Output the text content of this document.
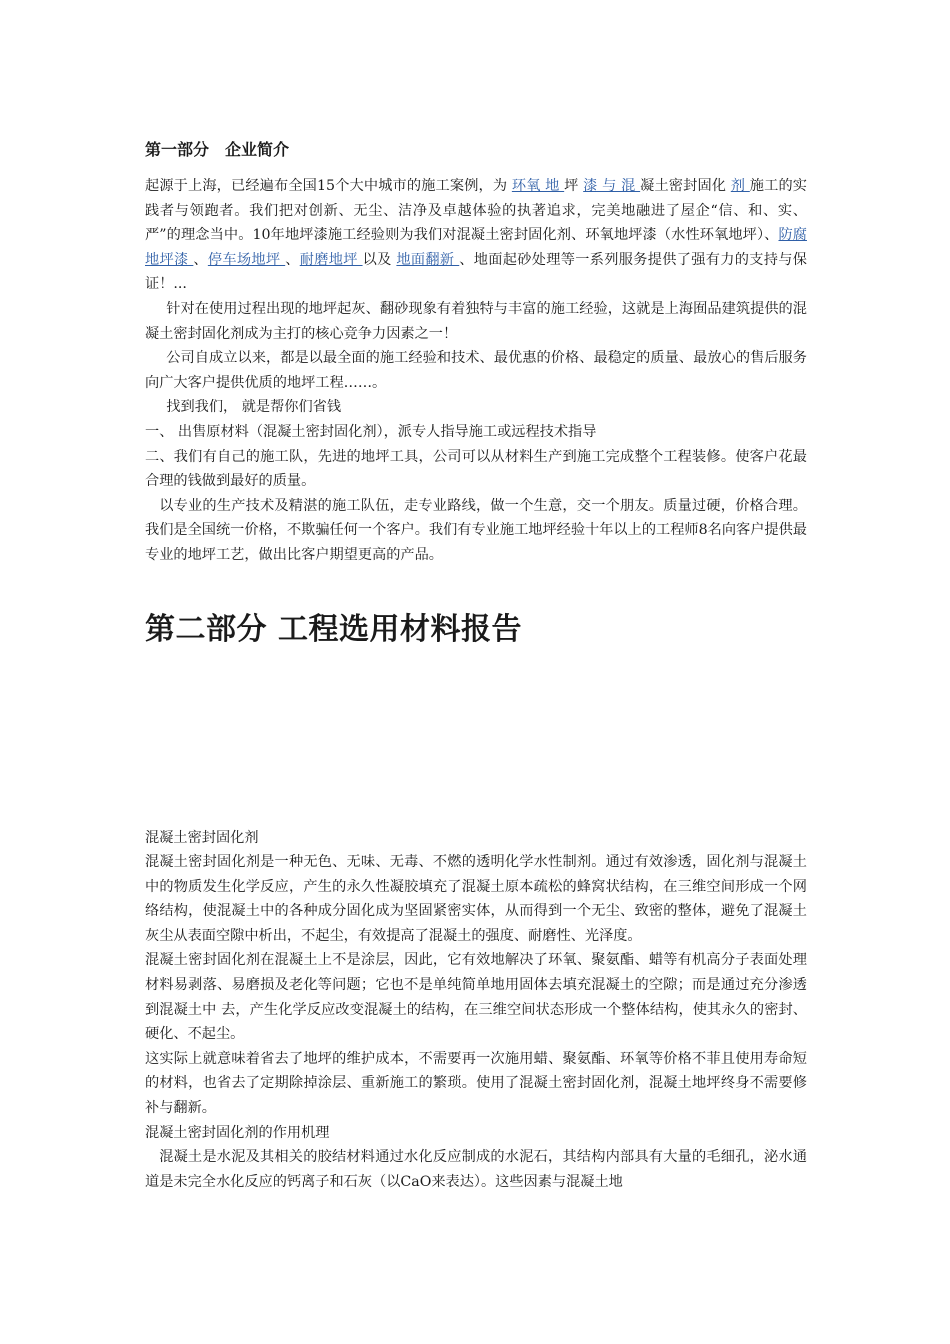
第一部分　企业简介

起源于上海，已经遍布全国15个大中城市的施工案例，为 环氧 地 坪 漆 与 混 凝土密封固化 剂 施工的实践者与领跑者。我们把对创新、无尘、洁净及卓越体验的执著追求，完美地融进了屋企“信、和、实、严”的理念当中。10年地坪漆施工经验则为我们对混凝土密封固化剂、环氧地坪漆（水性环氧地坪）、防腐地坪漆 、停车场地坪 、耐磨地坪 以及 地面翻新 、地面起砂处理等一系列服务提供了强有力的支持与保证！...

针对在使用过程出现的地坪起灰、翻砂现象有着独特与丰富的施工经验，这就是上海囿品建筑提供的混凝土密封固化剂成为主打的核心竞争力因素之一！

公司自成立以来，都是以最全面的施工经验和技术、最优惠的价格、最稳定的质量、最放心的售后服务向广大客户提供优质的地坪工程……。

找到我们， 就是帮你们省钱

一、 出售原材料（混凝土密封固化剂），派专人指导施工或远程技术指导

二、我们有自己的施工队，先进的地坪工具，公司可以从材料生产到施工完成整个工程装修。使客户花最合理的钱做到最好的质量。

以专业的生产技术及精湛的施工队伍，走专业路线，做一个生意，交一个朋友。质量过硬，价格合理。我们是全国统一价格，不欺骗任何一个客户。我们有专业施工地坪经验十年以上的工程师8名向客户提供最专业的地坪工艺，做出比客户期望更高的产品。

第二部分 工程选用材料报告

混凝土密封固化剂

混凝土密封固化剂是一种无色、无味、无毒、不燃的透明化学水性制剂。通过有效渗透，固化剂与混凝土中的物质发生化学反应，产生的永久性凝胶填充了混凝土原本疏松的蜂窝状结构，在三维空间形成一个网络结构，使混凝土中的各种成分固化成为坚固紧密实体，从而得到一个无尘、致密的整体，避免了混凝土灰尘从表面空隙中析出，不起尘，有效提高了混凝土的强度、耐磨性、光泽度。

混凝土密封固化剂在混凝土上不是涂层，因此，它有效地解决了环氧、聚氨酯、蜡等有机高分子表面处理材料易剥落、易磨损及老化等问题；它也不是单纯简单地用固体去填充混凝土的空隙；而是通过充分渗透到混凝土中 去，产生化学反应改变混凝土的结构，在三维空间状态形成一个整体结构，使其永久的密封、硬化、不起尘。

这实际上就意味着省去了地坪的维护成本，不需要再一次施用蜡、聚氨酯、环氧等价格不菲且使用寿命短的材料，也省去了定期除掉涂层、重新施工的繁琐。使用了混凝土密封固化剂，混凝土地坪终身不需要修补与翻新。

混凝土密封固化剂的作用机理

混凝土是水泥及其相关的胶结材料通过水化反应制成的水泥石，其结构内部具有大量的毛细孔，泌水通道是未完全水化反应的钙离子和石灰（以CaO来表达）。这些因素与混凝土地
